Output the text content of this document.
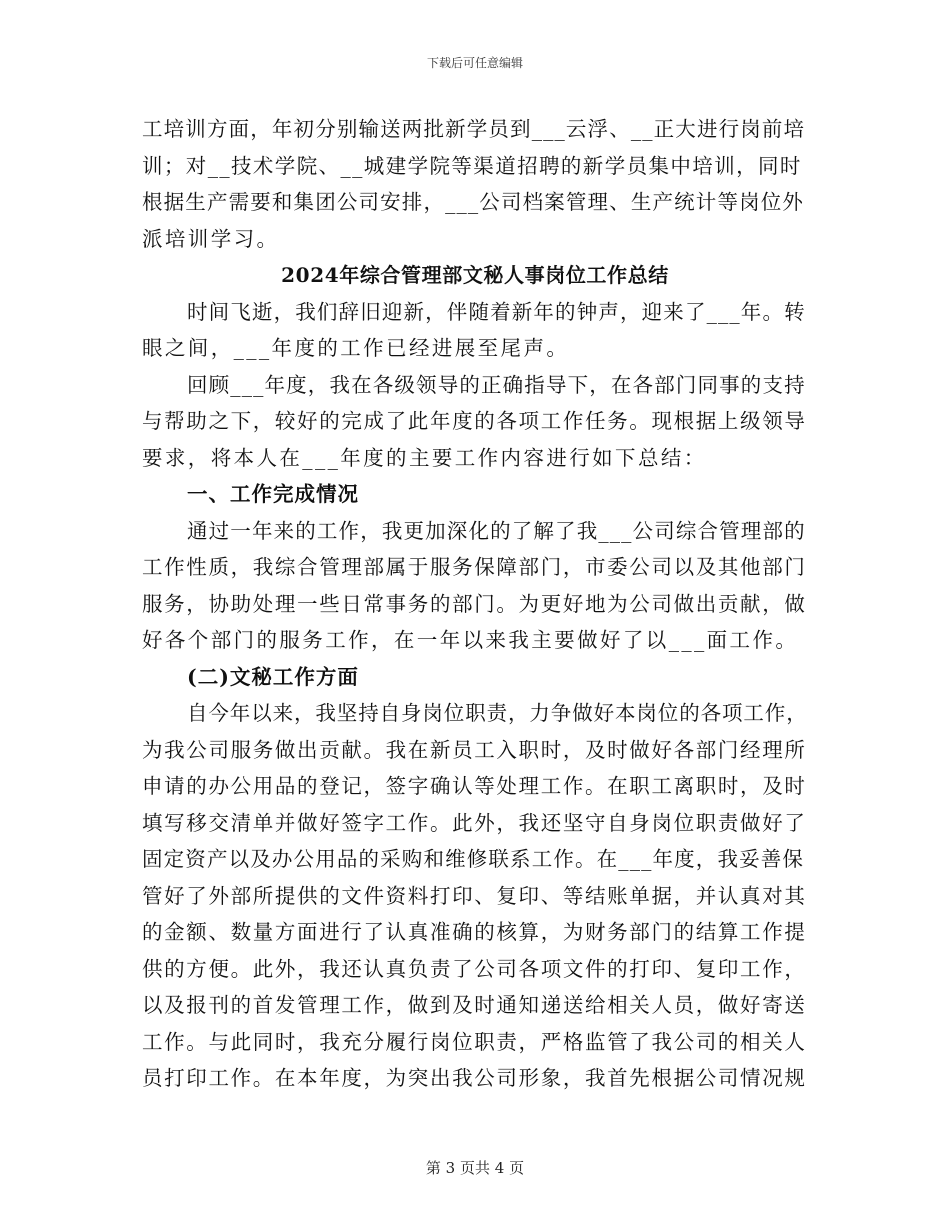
下载后可任意编辑
工培训方面，年初分别输送两批新学员到___云浮、__正大进行岗前培
训；对__技术学院、__城建学院等渠道招聘的新学员集中培训，同时
根据生产需要和集团公司安排，___公司档案管理、生产统计等岗位外
派培训学习。
2024年综合管理部文秘人事岗位工作总结
时间飞逝，我们辞旧迎新，伴随着新年的钟声，迎来了___年。转
眼之间，___年度的工作已经进展至尾声。
回顾___年度，我在各级领导的正确指导下，在各部门同事的支持
与帮助之下，较好的完成了此年度的各项工作任务。现根据上级领导
要求，将本人在___年度的主要工作内容进行如下总结：
一、工作完成情况
通过一年来的工作，我更加深化的了解了我___公司综合管理部的
工作性质，我综合管理部属于服务保障部门，市委公司以及其他部门
服务，协助处理一些日常事务的部门。为更好地为公司做出贡献，做
好各个部门的服务工作，在一年以来我主要做好了以___面工作。
(二)文秘工作方面
自今年以来，我坚持自身岗位职责，力争做好本岗位的各项工作，
为我公司服务做出贡献。我在新员工入职时，及时做好各部门经理所
申请的办公用品的登记，签字确认等处理工作。在职工离职时，及时
填写移交清单并做好签字工作。此外，我还坚守自身岗位职责做好了
固定资产以及办公用品的采购和维修联系工作。在___年度，我妥善保
管好了外部所提供的文件资料打印、复印、等结账单据，并认真对其
的金额、数量方面进行了认真准确的核算，为财务部门的结算工作提
供的方便。此外，我还认真负责了公司各项文件的打印、复印工作，
以及报刊的首发管理工作，做到及时通知递送给相关人员，做好寄送
工作。与此同时，我充分履行岗位职责，严格监管了我公司的相关人
员打印工作。在本年度，为突出我公司形象，我首先根据公司情况规
第 3 页共 4 页
